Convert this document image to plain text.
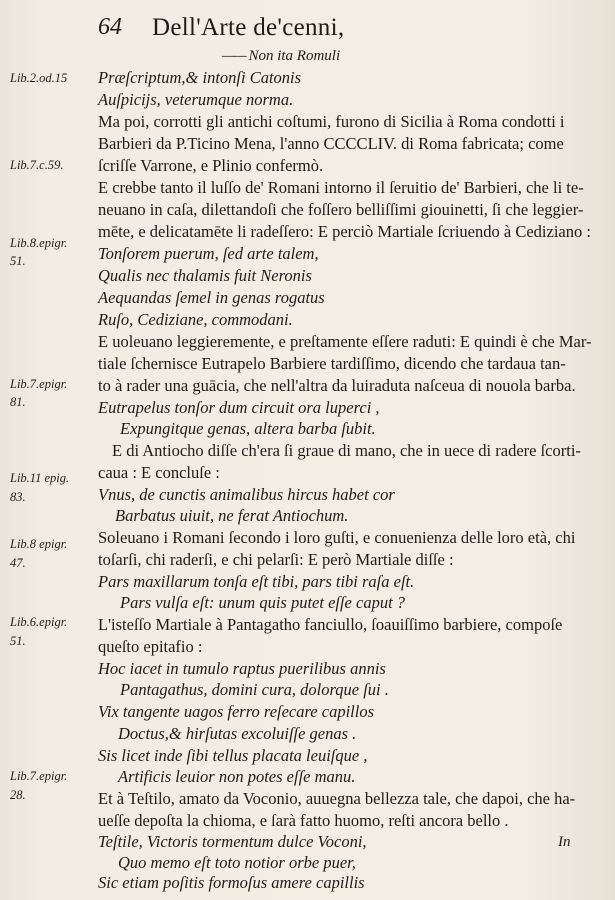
64 Dell'Arte de'cenni,
—— Non ita Romuli
Lib.2.od.15
Lib.7.c.59.
Lib.8.epigr.
51.
Lib.7.epigr.
81.
Lib.11 epig.
83.
Lib.8 epigr.
47.
Lib.6.epigr.
51.
Lib.7.epigr.
28.
Præſcriptum,& intonſi Catonis
Auſpicijs, veterumque norma.
Ma poi, corrotti gli antichi coſtumi, furono di Sicilia à Roma condotti i
Barbieri da P.Ticino Mena, l'anno CCCCLIV. di Roma fabricata; come
ſcriſſe Varrone, e Plinio confermò.
E crebbe tanto il luſſo de' Romani intorno il ſeruitio de' Barbieri, che li te-
neuano in caſa, dilettandoſi che foſſero belliſſimi giouinetti, ſi che leggier-
mēte, e delicatamēte li radeſſero: E perciò Martiale ſcriuendo à Cediziano :
Tonſorem puerum, ſed arte talem,
Qualis nec thalamis fuit Neronis
Aequandas ſemel in genas rogatus
Ruſo, Cediziane, commodani.
E uoleuano leggieremente, e preſtamente eſſere raduti: E quindi è che Mar-
tiale ſchernisce Eutrapelo Barbiere tardiſſimo, dicendo che tardaua tan-
to à rader una guācia, che nell'altra da luiraduta naſceua di nouola barba.
Eutrapelus tonſor dum circuit ora luperci ,
Expungitque genas, altera barba ſubit.
E di Antiocho diſſe ch'era ſi graue di mano, che in uece di radere ſcorti-
caua : E concluſe :
Vnus, de cunctis animalibus hircus habet cor
Barbatus uiuit, ne ferat Antiochum.
Soleuano i Romani ſecondo i loro guſti, e conuenienza delle loro età, chi
toſarſi, chi raderſi, e chi pelarſi: E però Martiale diſſe :
Pars maxillarum tonſa eſt tibi, pars tibi raſa eſt.
Pars vulſa eſt: unum quis putet eſſe caput ?
L'isteſſo Martiale à Pantagatho fanciullo, ſoauiſſimo barbiere, compoſe
queſto epitafio :
Hoc iacet in tumulo raptus puerilibus annis
Pantagathus, domini cura, dolorque ſui .
Vix tangente uagos ferro reſecare capillos
Doctus,& hirſutas excoluiſſe genas .
Sis licet inde ſibi tellus placata leuiſque ,
Artificis leuior non potes eſſe manu.
Et à Teſtilo, amato da Voconio, auuegna bellezza tale, che dapoi, che ha-
ueſſe depoſta la chioma, e ſarà fatto huomo, reſti ancora bello .
Teſtile, Victoris tormentum dulce Voconi,
Quo memo eſt toto notior orbe puer,
Sic etiam poſitis formoſus amere capillis
In
